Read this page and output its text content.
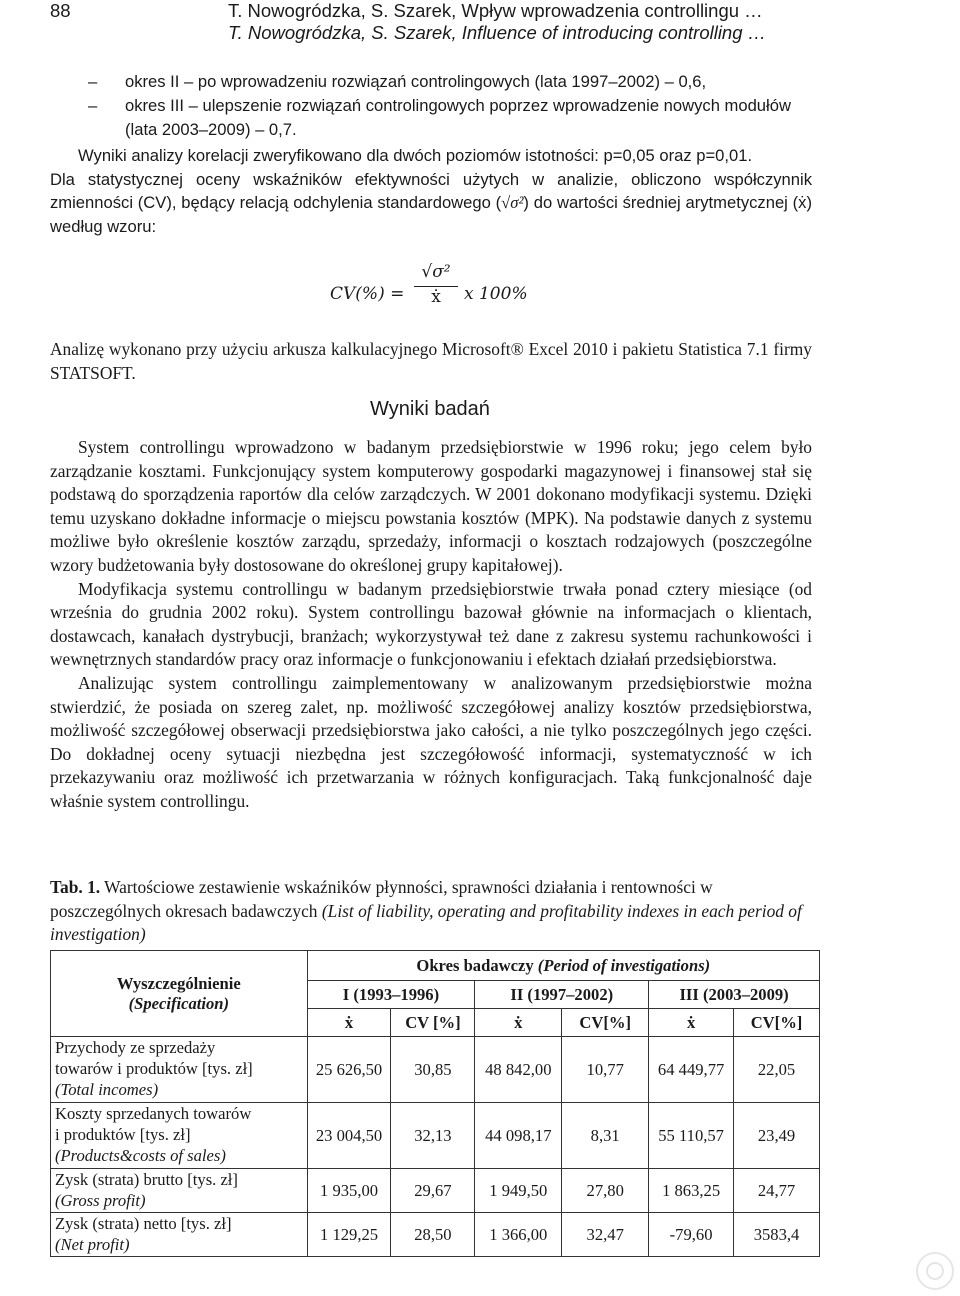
88	T. Nowogródzka, S. Szarek, Wpływ wprowadzenia controllingu …
T. Nowogródzka, S. Szarek, Influence of introducing controlling …
– okres II – po wprowadzeniu rozwiązań controlingowych (lata 1997–2002) – 0,6,
– okres III – ulepszenie rozwiązań controlingowych poprzez wprowadzenie nowych modułów (lata 2003–2009) – 0,7.
Wyniki analizy korelacji zweryfikowano dla dwóch poziomów istotności: p=0,05 oraz p=0,01.
Dla statystycznej oceny wskaźników efektywności użytych w analizie, obliczono współczynnik zmienności (CV), będący relacją odchylenia standardowego (√σ²) do wartości średniej arytmetycznej (ẋ) według wzoru:
$CV(\%) = \frac{\text{√σ²}}{\text{ẋ}}$ x 100%
Analizę wykonano przy użyciu arkusza kalkulacyjnego Microsoft® Excel 2010 i pakietu Statistica 7.1 firmy STATSOFT.
Wyniki badań

System controllingu wprowadzono w badanym przedsiębiorstwie w 1996 roku; jego celem było zarządzanie kosztami. Funkcjonujący system komputerowy gospodarki magazynowej i finansowej stał się podstawą do sporządzenia raportów dla celów zarządczych. W 2001 dokonano modyfikacji systemu. Dzięki temu uzyskano dokładne informacje o miejscu powstania kosztów (MPK). Na podstawie danych z systemu możliwe było określenie kosztów zarządu, sprzedaży, informacji o kosztach rodzajowych (poszczególne wzory budżetowania były dostosowane do określonej grupy kapitałowej).

Modyfikacja systemu controllingu w badanym przedsiębiorstwie trwała ponad cztery miesiące (od września do grudnia 2002 roku). System controllingu bazował głównie na informacjach o klientach, dostawcach, kanałach dystrybucji, branżach; wykorzystywał też dane z zakresu systemu rachunkowości i wewnętrznych standardów pracy oraz informacje o funkcjonowaniu i efektach działań przedsiębiorstwa.

Analizując system controllingu zaimplementowany w analizowanym przedsiębiorstwie można stwierdzić, że posiada on szereg zalet, np. możliwość szczegółowej analizy kosztów przedsiębiorstwa, możliwość szczegółowej obserwacji przedsiębiorstwa jako całości, a nie tylko poszczególnych jego części. Do dokładnej oceny sytuacji niezbędna jest szczegółowość informacji, systematyczność w ich przekazywaniu oraz możliwość ich przetwarzania w różnych konfiguracjach. Taką funkcjonalność daje właśnie system controllingu.

Tab. 1. Wartościowe zestawienie wskaźników płynności, sprawności działania i rentowności w poszczególnych okresach badawczych (List of liability, operating and profitability indexes in each period of investigation)
Wyszczególnienie
(Specification)	Okres badawczy (Period of investigations)					
	I (1993–1996)		II (1997–2002)		III (2003–2009)	
	ẋ	CV [%]	ẋ	CV[%]	ẋ	CV[%]

Przychody ze sprzedaży
towarów i produktów [tys. zł]
(Total incomes)	25 626,50	30,85	48 842,00	10,77	64 449,77	22,05

Koszty sprzedanych towarów
i produktów [tys. zł]
(Products&costs of sales)	23 004,50	32,13	44 098,17	8,31	55 110,57	23,49

Zysk (strata) brutto [tys. zł]
(Gross profit)	1 935,00	29,67	1 949,50	27,80	1 863,25	24,77

Zysk (strata) netto [tys. zł]
(Net profit)	1 129,25	28,50	1 366,00	32,47	-79,60	3583,4
